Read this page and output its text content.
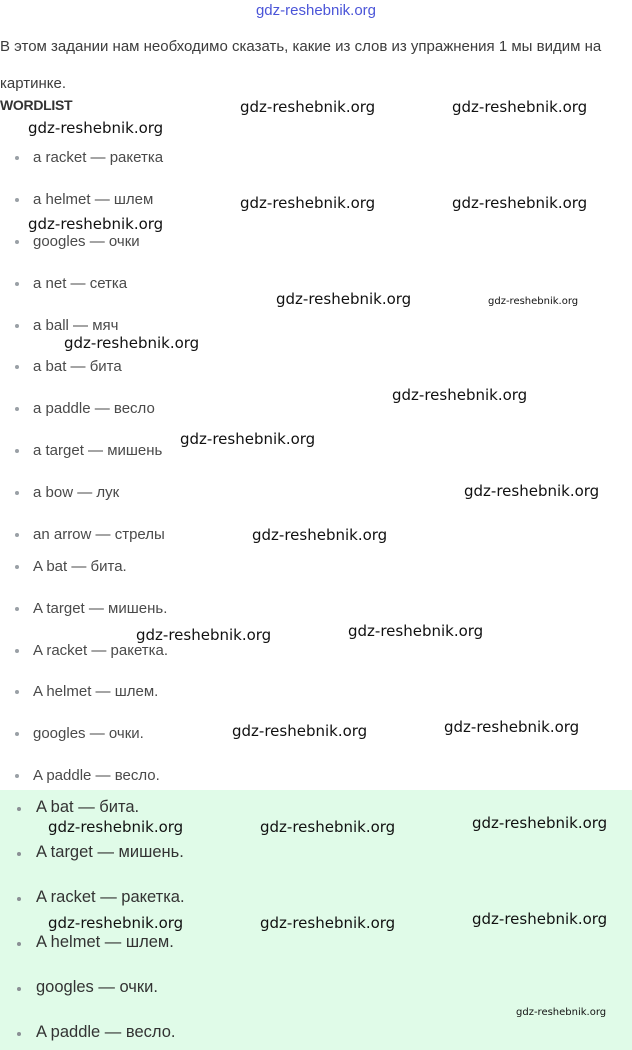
gdz-reshebnik.org
В этом задании нам необходимо сказать, какие из слов из упражнения 1 мы видим на картинке.
WORDLIST
a racket — ракетка
a helmet — шлем
googles — очки
a net — сетка
a ball — мяч
a bat — бита
a paddle — весло
a target — мишень
a bow — лук
an arrow — стрелы
A bat — бита.
A target — мишень.
A racket — ракетка.
A helmet — шлем.
googles — очки.
A paddle — весло.
A bat — бита.
A target — мишень.
A racket — ракетка.
A helmet — шлем.
googles — очки.
A paddle — весло.
gdz-reshebnik.org	gdz-reshebnik.org
gdz-reshebnik.org
gdz-reshebnik.org	gdz-reshebnik.org
gdz-reshebnik.org
gdz-reshebnik.org	gdz-reshebnik.org
gdz-reshebnik.org
gdz-reshebnik.org
gdz-reshebnik.org
gdz-reshebnik.org
gdz-reshebnik.org
gdz-reshebnik.org	gdz-reshebnik.org
gdz-reshebnik.org	gdz-reshebnik.org
gdz-reshebnik.org	gdz-reshebnik.org	gdz-reshebnik.org
gdz-reshebnik.org	gdz-reshebnik.org	gdz-reshebnik.org
gdz-reshebnik.org
